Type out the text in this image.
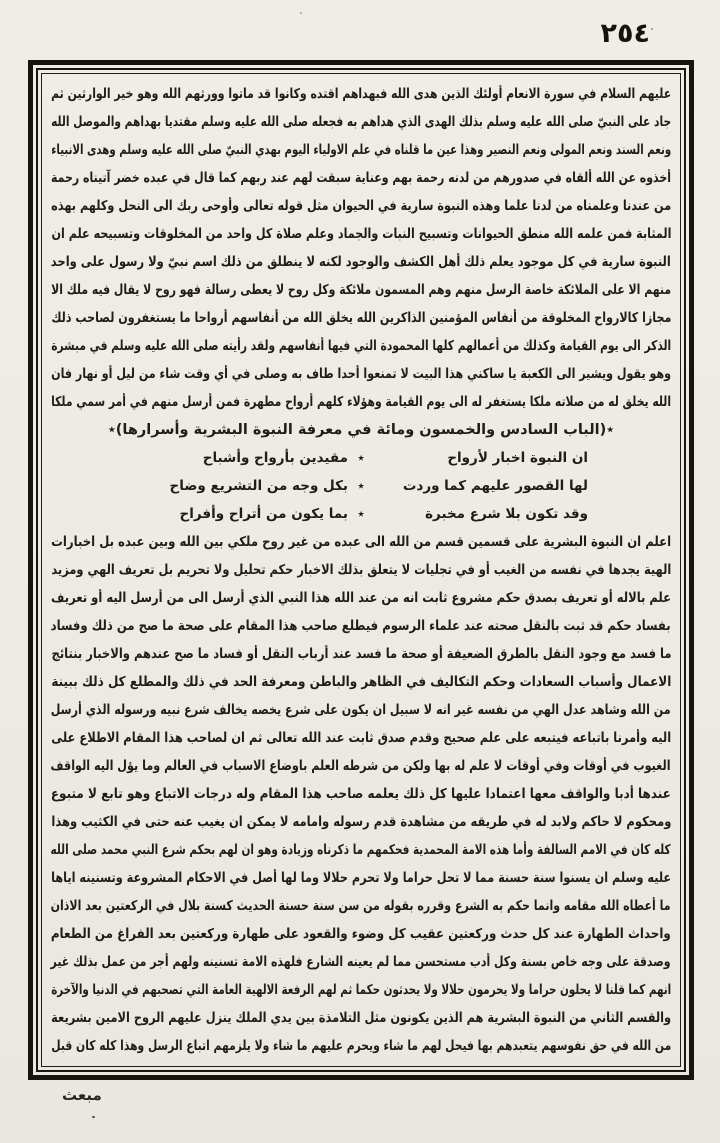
٢٥٤
عليهم السلام في سورة الانعام أولئك الذين هدى الله فبهداهم اقتده وكانوا قد ماتوا وورثهم الله وهو خير الوارثين ثم
جاد على النبيّ صلى الله عليه وسلم بذلك الهدى الذي هداهم به فجعله صلى الله عليه وسلم مقتديا بهداهم والموصل الله
ونعم السند ونعم المولى ونعم النصير وهذا عين ما قلناه في علم الاولياء اليوم بهدي النبيّ صلى الله عليه وسلم وهدى الانبياء
أخذوه عن الله ألقاه في صدورهم من لدنه رحمة بهم وعناية سبقت لهم عند ربهم كما قال في عبده خضر آتيناه رحمة
من عندنا وعلمناه من لدنا علما وهذه النبوة سارية في الحيوان مثل قوله تعالى وأوحى ربك الى النحل وكلهم بهذه
المثابة فمن علمه الله منطق الحيوانات وتسبيح النبات والجماد وعلم صلاة كل واحد من المخلوقات وتسبيحه علم ان
النبوة سارية في كل موجود يعلم ذلك أهل الكشف والوجود لكنه لا ينطلق من ذلك اسم نبيّ ولا رسول على واحد
منهم الا على الملائكة خاصة الرسل منهم وهم المسمون ملائكة وكل روح لا يعطى رسالة فهو روح لا يقال فيه ملك الا
مجازا كالارواح المخلوقة من أنفاس المؤمنين الذاكرين الله يخلق الله من أنفاسهم أرواحا ما يستغفرون لصاحب ذلك
الذكر الى يوم القيامة وكذلك من أعمالهم كلها المحمودة التي فيها أنفاسهم ولقد رأيته صلى الله عليه وسلم في مبشرة
وهو يقول ويشير الى الكعبة يا ساكني هذا البيت لا تمنعوا أحدا طاف به وصلى في أي وقت شاء من ليل أو نهار فان
الله يخلق له من صلاته ملكا يستغفر له الى يوم القيامة وهؤلاء كلهم أرواح مطهرة فمن أرسل منهم في أمر سمي ملكا
٭(الباب السادس والخمسون ومائة في معرفة النبوة البشرية وأسرارها)٭
ان النبوة اخبار لأرواح
٭
مقيدين بأرواح وأشباح
لها القصور عليهم كما وردت
٭
بكل وجه من التشريع وضاح
وقد تكون بلا شرع مخبرة
٭
بما يكون من أتراح وأفراح
اعلم ان النبوة البشرية على قسمين قسم من الله الى عبده من غير روح ملكي بين الله وبين عبده بل اخبارات
الهية يجدها في نفسه من الغيب أو في تجليات لا يتعلق بذلك الاخبار حكم تحليل ولا تحريم بل تعريف الهي ومزيد
علم بالاله أو تعريف بصدق حكم مشروع ثابت انه من عند الله هذا النبي الذي أرسل الى من أرسل اليه أو تعريف
بفساد حكم قد ثبت بالنقل صحته عند علماء الرسوم فيطلع صاحب هذا المقام على صحة ما صح من ذلك وفساد
ما فسد مع وجود النقل بالطرق الضعيفة أو صحة ما فسد عند أرباب النقل أو فساد ما صح عندهم والاخبار بنتائج
الاعمال وأسباب السعادات وحكم التكاليف في الظاهر والباطن ومعرفة الحد في ذلك والمطلع كل ذلك ببينة
من الله وشاهد عدل الهي من نفسه غير انه لا سبيل ان يكون على شرع يخصه يخالف شرع نبيه ورسوله الذي أرسل
اليه وأمرنا باتباعه فيتبعه على علم صحيح وقدم صدق ثابت عند الله تعالى ثم ان لصاحب هذا المقام الاطلاع على
الغيوب في أوقات وفي أوقات لا علم له بها ولكن من شرطه العلم باوضاع الاسباب في العالم وما يؤل اليه الواقف
عندها أدبا والواقف معها اعتمادا عليها كل ذلك يعلمه صاحب هذا المقام وله درجات الاتباع وهو تابع لا متبوع
ومحكوم لا حاكم ولابد له في طريقه من مشاهدة قدم رسوله وامامه لا يمكن ان يغيب عنه حتى في الكثيب وهذا
كله كان في الامم السالفة وأما هذه الامة المحمدية فحكمهم ما ذكرناه وزيادة وهو ان لهم بحكم شرع النبي محمد صلى الله
عليه وسلم ان يسنوا سنة حسنة مما لا تحل حراما ولا تحرم حلالا وما لها أصل في الاحكام المشروعة وتسنينه اياها
ما أعطاه الله مقامه وانما حكم به الشرع وقرره بقوله من سن سنة حسنة الحديث كسنة بلال في الركعتين بعد الاذان
واحداث الطهارة عند كل حدث وركعتين عقيب كل وضوء والقعود على طهارة وركعتين بعد الفراغ من الطعام
وصدقة على وجه خاص بسنة وكل أدب مستحسن مما لم يعينه الشارع فلهذه الامة تسنينه ولهم أجر من عمل بذلك غير
انهم كما قلنا لا يحلون حراما ولا يحرمون حلالا ولا يحدثون حكما ثم لهم الرفعة الالهية العامة التي تصحبهم في الدنيا والآخرة
والقسم الثاني من النبوة البشرية هم الذين يكونون مثل التلامذة بين يدي الملك ينزل عليهم الروح الامين بشريعة
من الله في حق نفوسهم يتعبدهم بها فيحل لهم ما شاء ويحرم عليهم ما شاء ولا يلزمهم اتباع الرسل وهذا كله كان قبل
مبعث
